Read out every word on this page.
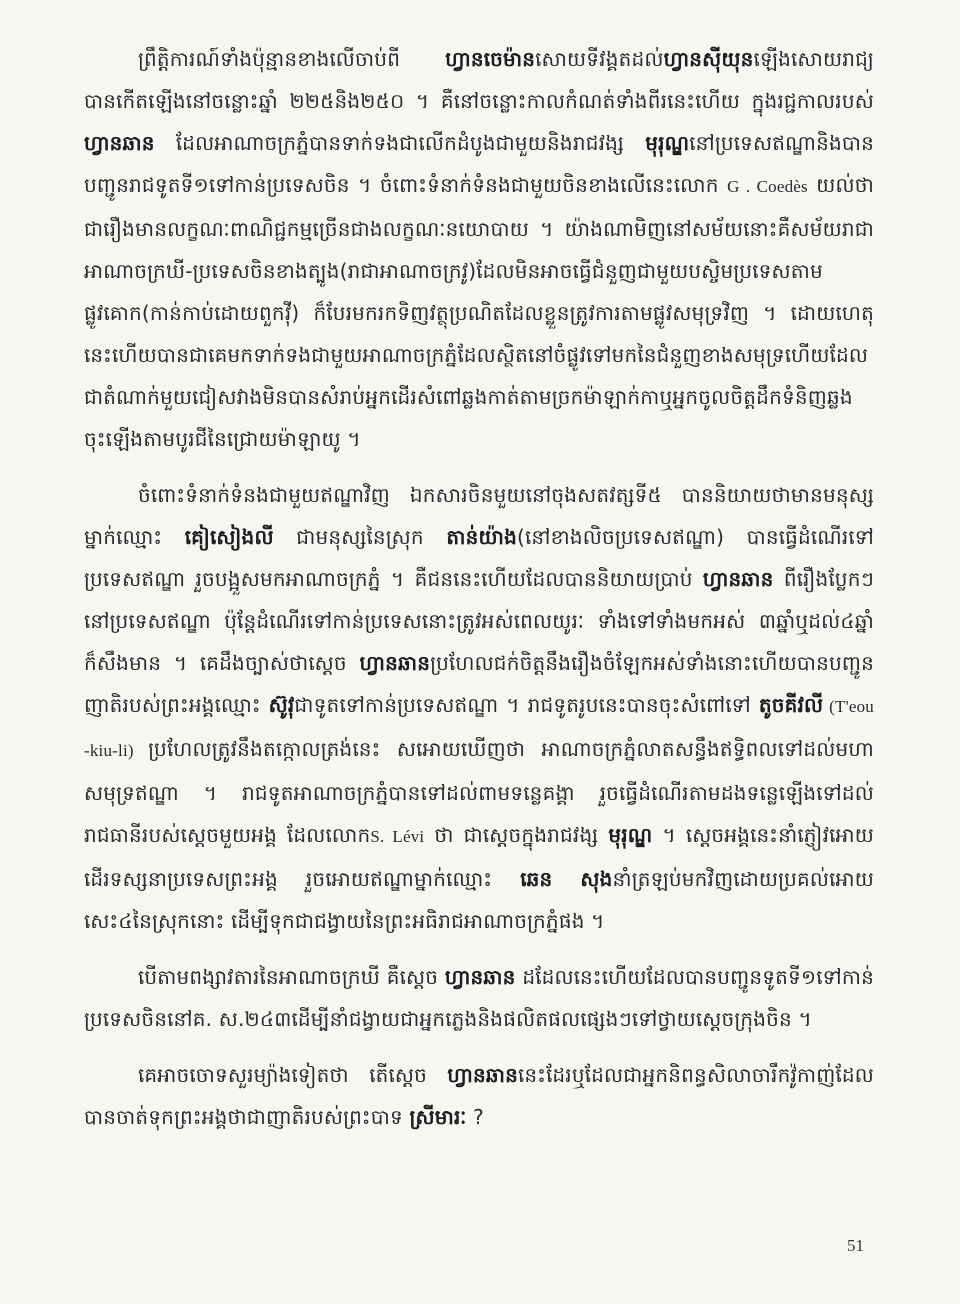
ព្រឹត្តិការណ៍ទាំងប៉ុន្មានខាងលើចាប់ពី ហ្វានចេម៉ានសោយទីវង្គតដល់ហ្វានស៊ីយុនឡើងសោយរាជ្យ បានកើតឡើងនៅចន្លោះឆ្នាំ ២២៥និង២៥០ ។ គឺនៅចន្លោះកាលកំណត់ទាំងពីរនេះហើយ ក្នុងរជ្ជកាលរបស់ ហ្វានឆាន ដែលអាណាចក្រភ្នំបានទាក់ទងជាលើកដំបូងជាមួយនិងរាជវង្ស មុរុណ្ឌនៅប្រទេសឥណ្ឌានិងបានបញ្ជូនរាជទូតទី១ទៅកាន់ប្រទេសចិន ។ ចំពោះទំនាក់ទំនងជាមួយចិនខាងលើនេះលោក G . Coedès យល់ថាជារឿងមានលក្ខណៈពាណិជ្ជកម្មច្រើនជាងលក្ខណៈនយោបាយ ។ យ៉ាងណាមិញនៅសម័យនោះគឺសម័យរាជាអាណាចក្រឃី-ប្រទេសចិនខាងត្បូង(រាជាអាណាចក្រវូ)ដែលមិនអាចធ្វើជំនួញជាមួយបស្ចិមប្រទេសតាមផ្លូវគោក(កាន់កាប់ដោយពួកវ៉ី) ក៏បែរមករកទិញវត្ថុប្រណិតដែលខ្លួនត្រូវការតាមផ្លូវសមុទ្រវិញ ។ ដោយហេតុនេះហើយបានជាគេមកទាក់ទងជាមួយអាណាចក្រភ្នំដែលស្ថិតនៅចំផ្លូវទៅមកនៃជំនួញខាងសមុទ្រហើយដែលជាតំណាក់មួយជៀសវាងមិនបានសំរាប់អ្នកដើរសំពៅឆ្លងកាត់តាមច្រកម៉ាឡាក់កាឬអ្នកចូលចិត្តដឹកទំនិញឆ្លងចុះឡើងតាមបូរជីនៃជ្រោយម៉ាឡាយូ ។

ចំពោះទំនាក់ទំនងជាមួយឥណ្ឌាវិញ ឯកសារចិនមួយនៅចុងសតវត្សទី៥ បាននិយាយថាមានមនុស្សម្នាក់ឈ្មោះ គៀសៀងលី ជាមនុស្សនៃស្រុក តាន់យ៉ាង(នៅខាងលិចប្រទេសឥណ្ឌា) បានធ្វើដំណើរទៅប្រទេសឥណ្ឌា រួចបង្អួសមកអាណាចក្រភ្នំ ។ គឺជននេះហើយដែលបាននិយាយប្រាប់ ហ្វានឆាន ពីរឿងប្លែកៗនៅប្រទេសឥណ្ឌា ប៉ុន្តែដំណើរទៅកាន់ប្រទេសនោះត្រូវអស់ពេលយូរៈ ទាំងទៅទាំងមកអស់ ៣ឆ្នាំឬដល់៤ឆ្នាំក៏សឹងមាន ។ គេដឹងច្បាស់ថាស្តេច ហ្វានឆានប្រហែលជក់ចិត្តនឹងរឿងចំឡែកអស់ទាំងនោះហើយបានបញ្ជូនញាតិរបស់ព្រះអង្គឈ្មោះ ស៊ូវុជាទូតទៅកាន់ប្រទេសឥណ្ឌា ។ រាជទូតរូបនេះបានចុះសំពៅទៅ តូចគីវលី (T'eou -kiu-li) ប្រហែលត្រូវនឹងតក្កោលត្រង់នេះ សអោយឃើញថា អាណាចក្រភ្នំលាតសន្ធឹងឥទ្ធិពលទៅដល់មហាសមុទ្រឥណ្ឌា ។ រាជទូតអាណាចក្រភ្នំបានទៅដល់ពាមទន្លេគង្គា រួចធ្វើដំណើរតាមដងទន្លេឡើងទៅដល់រាជធានីរបស់ស្តេចមួយអង្គ ដែលលោកS. Lévi ថា ជាស្តេចក្នុងរាជវង្ស មុរុណ្ឌ ។ ស្តេចអង្គនេះនាំភ្ញៀវអោយដើរទស្សនាប្រទេសព្រះអង្គ រួចអោយឥណ្ឌាម្នាក់ឈ្មោះ ឆេន សុងនាំត្រឡប់មកវិញដោយប្រគល់អោយសេះ៤នៃស្រុកនោះ ដើម្បីទុកជាជង្វាយនៃព្រះអធិរាជអាណាចក្រភ្នំផង ។

បើតាមពង្សាវតារនៃអាណាចក្រឃី គឺស្តេច ហ្វានឆាន ដដែលនេះហើយដែលបានបញ្ជូនទូតទី១ទៅកាន់ប្រទេសចិននៅគ. ស.២៤៣ដើម្បីនាំជង្វាយជាអ្នកភ្លេងនិងផលិតផលផ្សេងៗទៅថ្វាយស្តេចក្រុងចិន ។

គេអាចចោទសួរម្យ៉ាងទៀតថា តើស្តេច ហ្វានឆាននេះដែរឬដែលជាអ្នកនិពន្ធសិលាចារឹកវ៉ូកាញ់ដែលបានចាត់ទុកព្រះអង្គថាជាញាតិរបស់ព្រះបាទ ស្រីមារៈ ?

51
